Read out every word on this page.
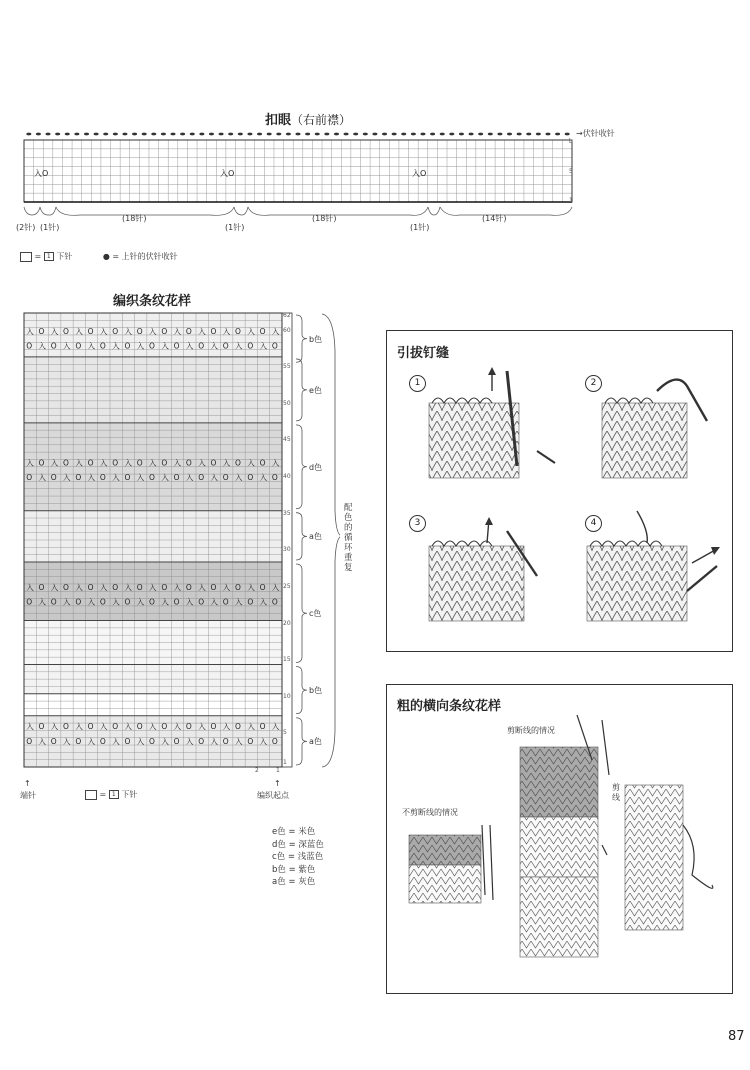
扣眼（右前襟）
→伏针收针
b
5
1
入O	入O	入O
(2针) (1针)
(18针)
(1针)
(18针)
(1针)
(14针)
= 1 下针	● = 上针的伏针收针
编织条纹花样
O 入 O 入 O 入 O 入 O 入 O 入 O 入 O 入 O 入 O 入 O
入 O 入 O 入 O 入 O 入 O 入 O 入 O 入 O 入 O 入 O 入
O 入 O 入 O 入 O 入 O 入 O 入 O 入 O 入 O 入 O 入 O
入 O 入 O 入 O 入 O 入 O 入 O 入 O 入 O 入 O 入 O 入
O 入 O 入 O 入 O 入 O 入 O 入 O 入 O 入 O 入 O 入 O
入 O 入 O 入 O 入 O 入 O 入 O 入 O 入 O 入 O 入 O 入
O 入 O 入 O 入 O 入 O 入 O 入 O 入 O 入 O 入 O 入 O
入 O 入 O 入 O 入 O 入 O 入 O 入 O 入 O 入 O 入 O 入
62
60
55
50
45
40
35
30
25
20
15
10
5
1
b色
e色
d色
a色
c色
b色
a色
配色的循环重复
2	1
↑
端针
↑
编织起点
= 1 下针
e色 = 米色
d色 = 深蓝色
c色 = 浅蓝色
b色 = 紫色
a色 = 灰色
引拔钉缝
1	2
3	4
粗的横向条纹花样
剪断线的情况
不剪断线的情况
剪线
87
